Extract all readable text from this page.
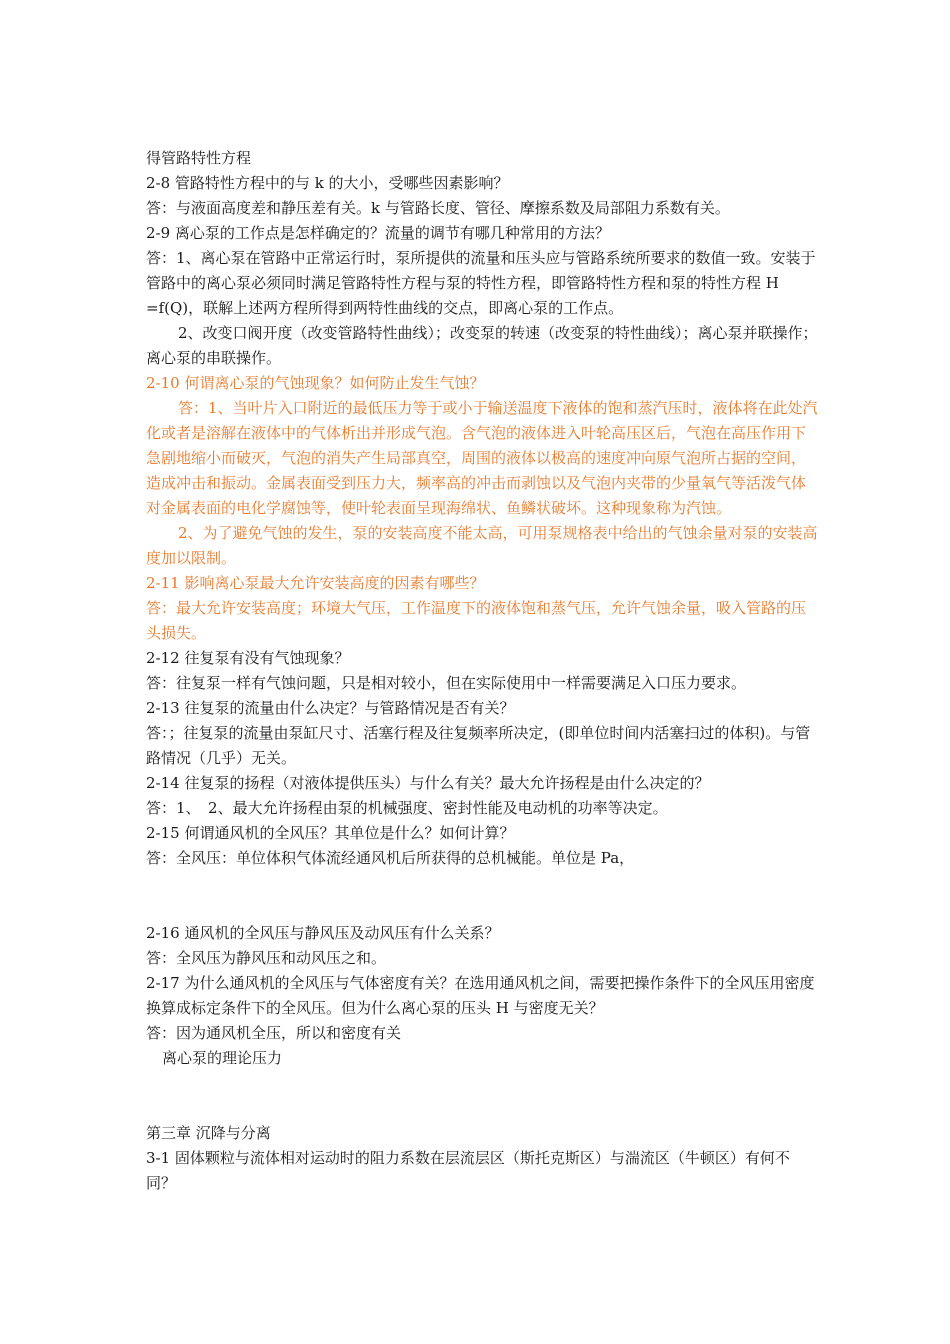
得管路特性方程

2-8 管路特性方程中的与 k 的大小，受哪些因素影响？

答：与液面高度差和静压差有关。k 与管路长度、管径、摩擦系数及局部阻力系数有关。

2-9 离心泵的工作点是怎样确定的？流量的调节有哪几种常用的方法？

答：1、离心泵在管路中正常运行时，泵所提供的流量和压头应与管路系统所要求的数值一致。安装于管路中的离心泵必须同时满足管路特性方程与泵的特性方程，即管路特性方程和泵的特性方程 H =f(Q)，联解上述两方程所得到两特性曲线的交点，即离心泵的工作点。

2、改变口阀开度（改变管路特性曲线）；改变泵的转速（改变泵的特性曲线）；离心泵并联操作；离心泵的串联操作。

2-10 何谓离心泵的气蚀现象？如何防止发生气蚀？

答：1、当叶片入口附近的最低压力等于或小于输送温度下液体的饱和蒸汽压时，液体将在此处汽化或者是溶解在液体中的气体析出并形成气泡。含气泡的液体进入叶轮高压区后，气泡在高压作用下急剧地缩小而破灭，气泡的消失产生局部真空，周围的液体以极高的速度冲向原气泡所占据的空间，造成冲击和振动。金属表面受到压力大，频率高的冲击而剥蚀以及气泡内夹带的少量氧气等活泼气体对金属表面的电化学腐蚀等，使叶轮表面呈现海绵状、鱼鳞状破坏。这种现象称为汽蚀。

2、为了避免气蚀的发生，泵的安装高度不能太高，可用泵规格表中给出的气蚀余量对泵的安装高度加以限制。

2-11 影响离心泵最大允许安装高度的因素有哪些？

答：最大允许安装高度；环境大气压，工作温度下的液体饱和蒸气压，允许气蚀余量，吸入管路的压头损失。

2-12 往复泵有没有气蚀现象？

答：往复泵一样有气蚀问题，只是相对较小，但在实际使用中一样需要满足入口压力要求。

2-13 往复泵的流量由什么决定？与管路情况是否有关？

答：；往复泵的流量由泵缸尺寸、活塞行程及往复频率所决定，(即单位时间内活塞扫过的体积)。与管路情况（几乎）无关。

2-14 往复泵的扬程（对液体提供压头）与什么有关？最大允许扬程是由什么决定的？

答：1、　2、最大允许扬程由泵的机械强度、密封性能及电动机的功率等决定。

2-15 何谓通风机的全风压？其单位是什么？如何计算？

答：全风压：单位体积气体流经通风机后所获得的总机械能。单位是 Pa，

2-16 通风机的全风压与静风压及动风压有什么关系？

答：全风压为静风压和动风压之和。

2-17 为什么通风机的全风压与气体密度有关？在选用通风机之间，需要把操作条件下的全风压用密度换算成标定条件下的全风压。但为什么离心泵的压头 H 与密度无关？

答：因为通风机全压，所以和密度有关

离心泵的理论压力

第三章 沉降与分离

3-1 固体颗粒与流体相对运动时的阻力系数在层流层区（斯托克斯区）与湍流区（牛顿区）有何不同？
